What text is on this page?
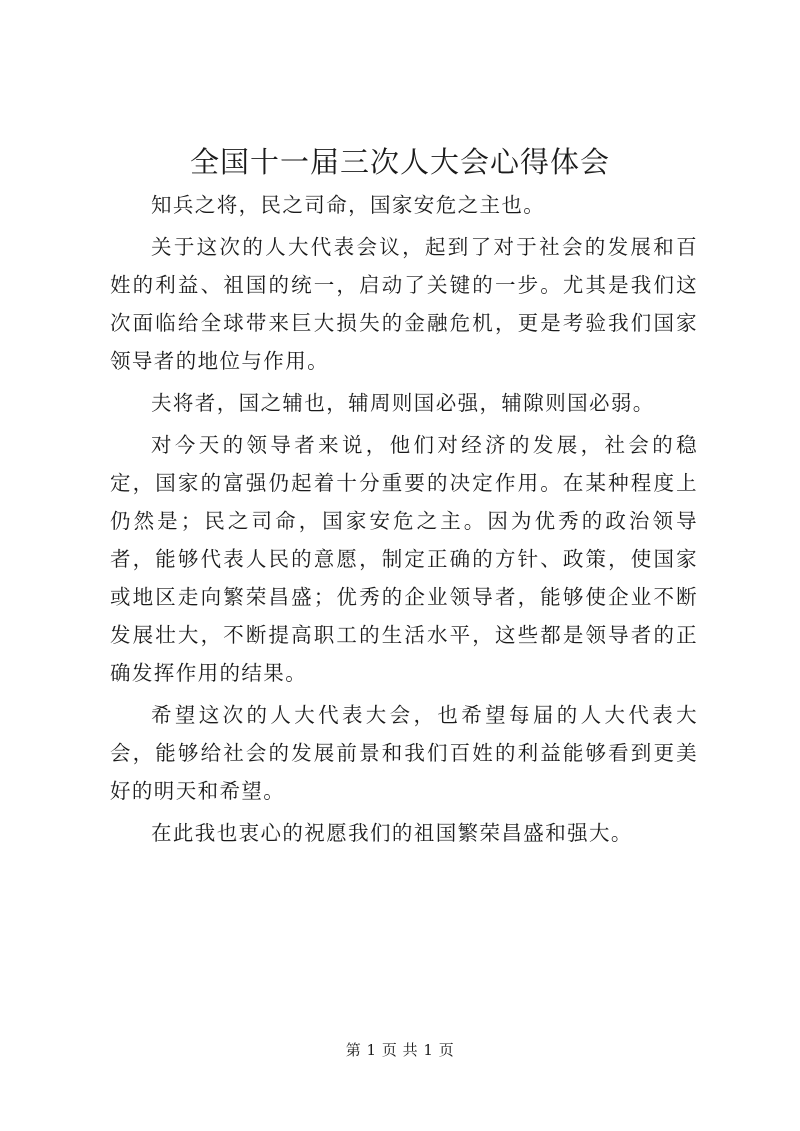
全国十一届三次人大会心得体会

知兵之将，民之司命，国家安危之主也。

关于这次的人大代表会议，起到了对于社会的发展和百姓的利益、祖国的统一，启动了关键的一步。尤其是我们这次面临给全球带来巨大损失的金融危机，更是考验我们国家领导者的地位与作用。

夫将者，国之辅也，辅周则国必强，辅隙则国必弱。

对今天的领导者来说，他们对经济的发展，社会的稳定，国家的富强仍起着十分重要的决定作用。在某种程度上仍然是；民之司命，国家安危之主。因为优秀的政治领导者，能够代表人民的意愿，制定正确的方针、政策，使国家或地区走向繁荣昌盛；优秀的企业领导者，能够使企业不断发展壮大，不断提高职工的生活水平，这些都是领导者的正确发挥作用的结果。

希望这次的人大代表大会，也希望每届的人大代表大会，能够给社会的发展前景和我们百姓的利益能够看到更美好的明天和希望。

在此我也衷心的祝愿我们的祖国繁荣昌盛和强大。

第 1 页 共 1 页
